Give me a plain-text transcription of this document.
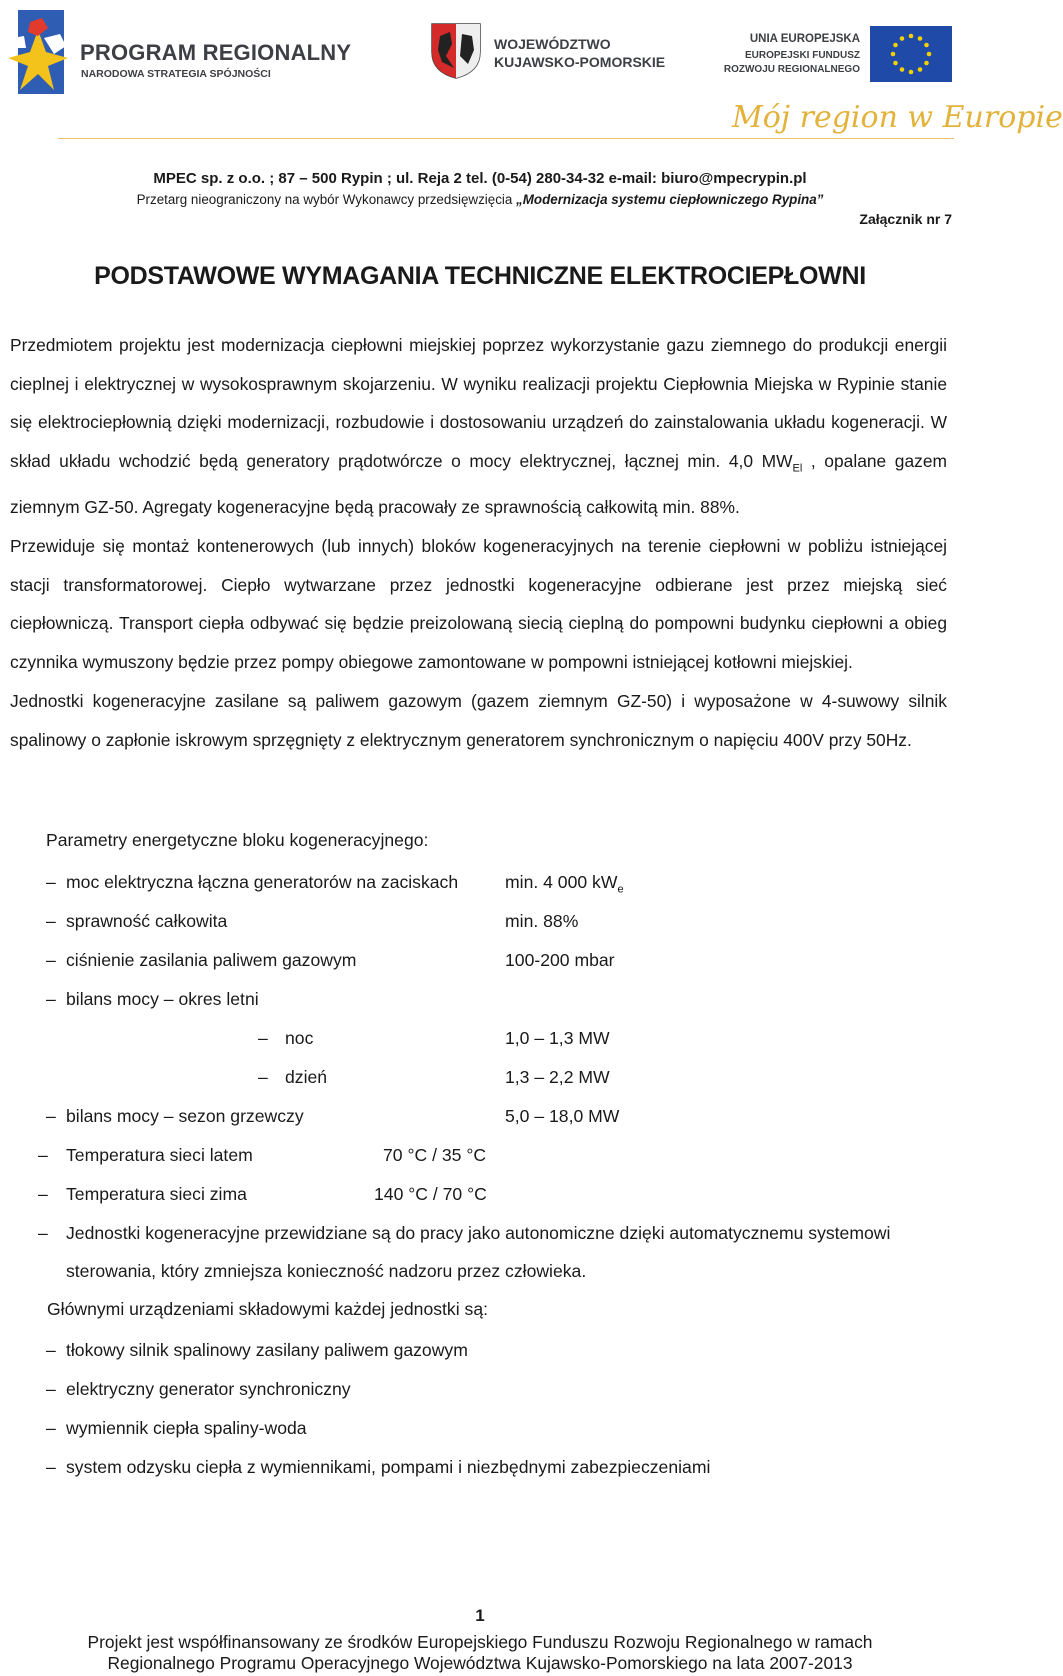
PROGRAM REGIONALNY
NARODOWA STRATEGIA SPÓJNOŚCI
WOJEWÓDZTWO
KUJAWSKO-POMORSKIE
UNIA EUROPEJSKA
EUROPEJSKI FUNDUSZ
ROZWOJU REGIONALNEGO
Mój region w Europie
MPEC sp. z o.o. ; 87 – 500 Rypin ; ul. Reja 2 tel. (0-54) 280-34-32 e-mail: biuro@mpecrypin.pl
Przetarg nieograniczony na wybór Wykonawcy przedsięwzięcia „Modernizacja systemu ciepłowniczego Rypina”
Załącznik nr 7
PODSTAWOWE WYMAGANIA TECHNICZNE ELEKTROCIEPŁOWNI

Przedmiotem projektu jest modernizacja ciepłowni miejskiej poprzez wykorzystanie gazu ziemnego do produkcji energii cieplnej i elektrycznej w wysokosprawnym skojarzeniu. W wyniku realizacji projektu Ciepłownia Miejska w Rypinie stanie się elektrociepłownią dzięki modernizacji, rozbudowie i dostosowaniu urządzeń do zainstalowania układu kogeneracji. W skład układu wchodzić będą generatory prądotwórcze o mocy elektrycznej, łącznej min. 4,0 $MW_{El}$ , opalane gazem ziemnym GZ-50. Agregaty kogeneracyjne będą pracowały ze sprawnością całkowitą min. 88%.

Przewiduje się montaż kontenerowych (lub innych) bloków kogeneracyjnych na terenie ciepłowni w pobliżu istniejącej stacji transformatorowej. Ciepło wytwarzane przez jednostki kogeneracyjne odbierane jest przez miejską sieć ciepłowniczą. Transport ciepła odbywać się będzie preizolowaną siecią cieplną do pompowni budynku ciepłowni a obieg czynnika wymuszony będzie przez pompy obiegowe zamontowane w pompowni istniejącej kotłowni miejskiej.

Jednostki kogeneracyjne zasilane są paliwem gazowym (gazem ziemnym GZ-50) i wyposażone w 4-suwowy silnik spalinowy o zapłonie iskrowym sprzęgnięty z elektrycznym generatorem synchronicznym o napięciu 400V przy 50Hz.

Parametry energetyczne bloku kogeneracyjnego:
– moc elektryczna łączna generatorów na zaciskach	min. 4 000 $kW_e$
– sprawność całkowita	min. 88%
– ciśnienie zasilania paliwem gazowym	100-200 mbar
– bilans mocy – okres letni
– noc	1,0 – 1,3 MW
– dzień	1,3 – 2,2 MW
– bilans mocy – sezon grzewczy	5,0 – 18,0 MW
– Temperatura sieci latem	70 °C / 35 °C
– Temperatura sieci zima	140 °C / 70 °C
– Jednostki kogeneracyjne przewidziane są do pracy jako autonomiczne dzięki automatycznemu systemowi
sterowania, który zmniejsza konieczność nadzoru przez człowieka.
Głównymi urządzeniami składowymi każdej jednostki są:
– tłokowy silnik spalinowy zasilany paliwem gazowym
– elektryczny generator synchroniczny
– wymiennik ciepła spaliny-woda
– system odzysku ciepła z wymiennikami, pompami i niezbędnymi zabezpieczeniami
1
Projekt jest współfinansowany ze środków Europejskiego Funduszu Rozwoju Regionalnego w ramach
Regionalnego Programu Operacyjnego Województwa Kujawsko-Pomorskiego na lata 2007-2013
